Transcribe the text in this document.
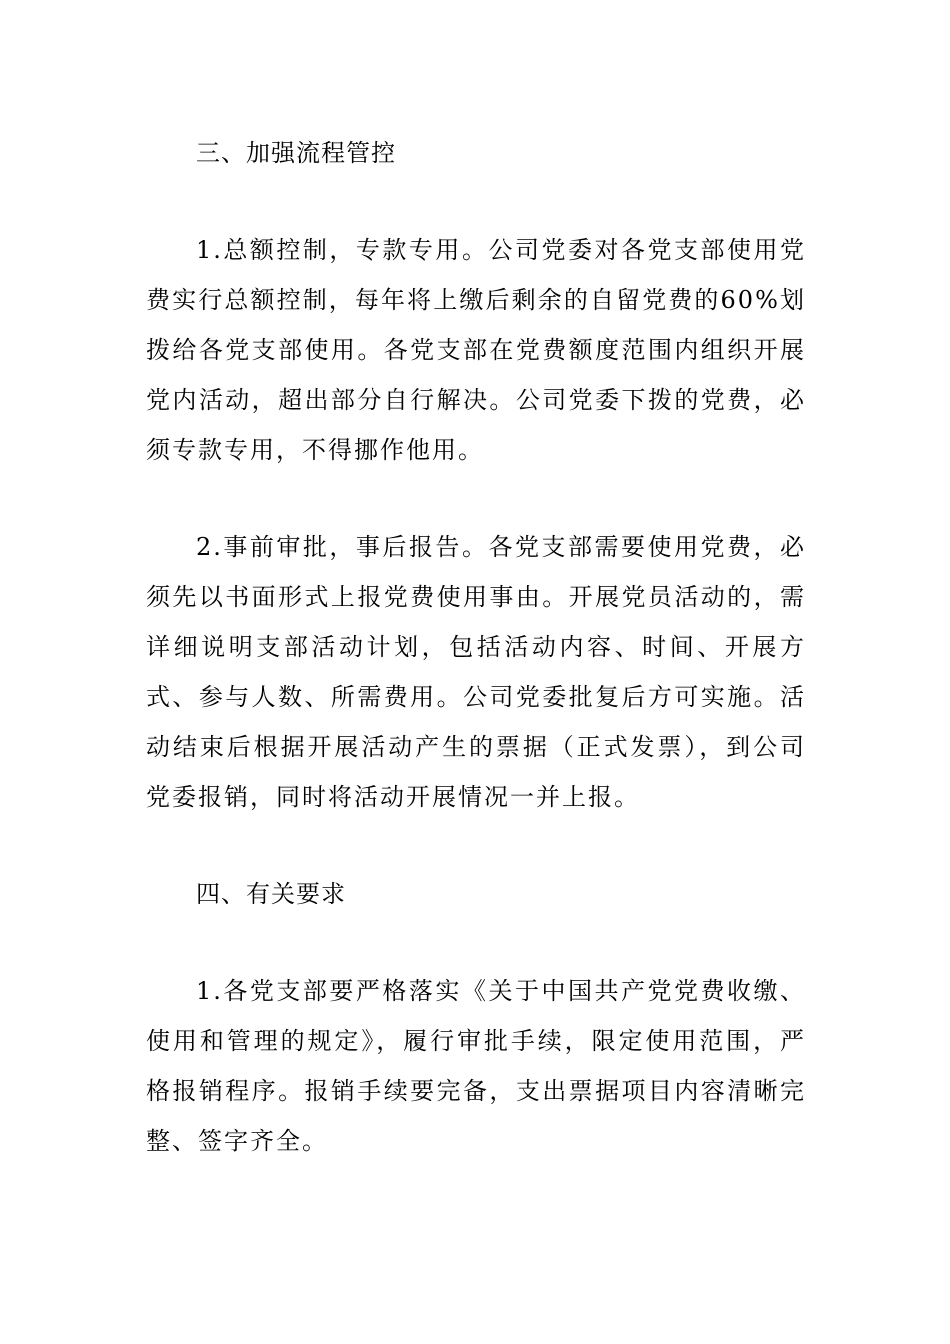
三、加强流程管控

1.总额控制，专款专用。公司党委对各党支部使用党费实行总额控制，每年将上缴后剩余的自留党费的60%划拨给各党支部使用。各党支部在党费额度范围内组织开展党内活动，超出部分自行解决。公司党委下拨的党费，必须专款专用，不得挪作他用。

2.事前审批，事后报告。各党支部需要使用党费，必须先以书面形式上报党费使用事由。开展党员活动的，需详细说明支部活动计划，包括活动内容、时间、开展方式、参与人数、所需费用。公司党委批复后方可实施。活动结束后根据开展活动产生的票据（正式发票），到公司党委报销，同时将活动开展情况一并上报。

四、有关要求

1.各党支部要严格落实《关于中国共产党党费收缴、使用和管理的规定》，履行审批手续，限定使用范围，严格报销程序。报销手续要完备，支出票据项目内容清晰完整、签字齐全。
